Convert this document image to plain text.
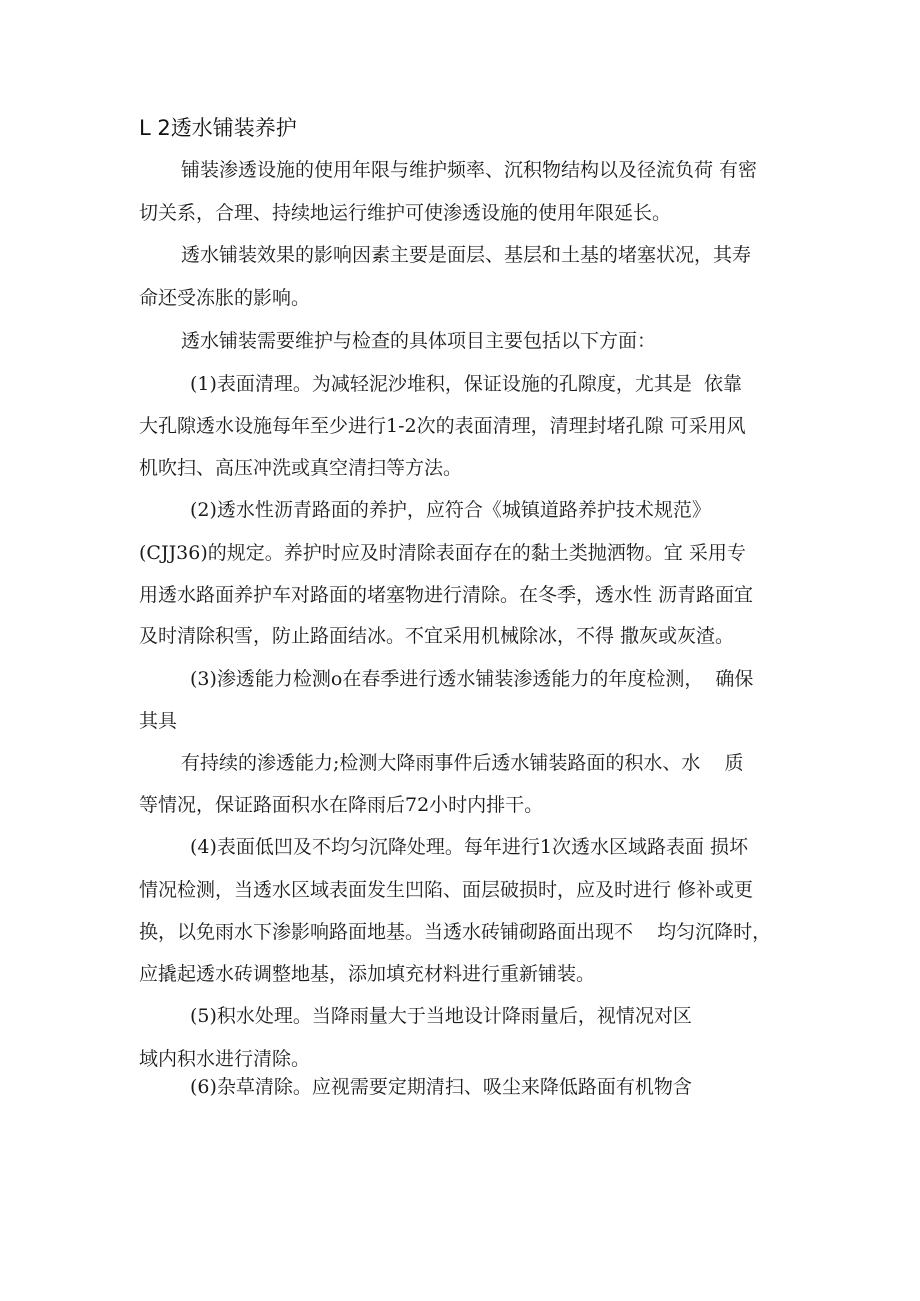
L 2透水铺装养护
铺装渗透设施的使用年限与维护频率、沉积物结构以及径流负荷 有密
切关系，合理、持续地运行维护可使渗透设施的使用年限延长。
透水铺装效果的影响因素主要是面层、基层和土基的堵塞状况，其寿
命还受冻胀的影响。
透水铺装需要维护与检查的具体项目主要包括以下方面：
(1)表面清理。为减轻泥沙堆积，保证设施的孔隙度，尤其是  依靠
大孔隙透水设施每年至少进行1-2次的表面清理，清理封堵孔隙 可采用风
机吹扫、高压冲洗或真空清扫等方法。
(2)透水性沥青路面的养护，应符合《城镇道路养护技术规范》
(CJJ36)的规定。养护时应及时清除表面存在的黏土类抛洒物。宜 采用专
用透水路面养护车对路面的堵塞物进行清除。在冬季，透水性 沥青路面宜
及时清除积雪，防止路面结冰。不宜采用机械除冰，不得 撒灰或灰渣。
(3)渗透能力检测o在春季进行透水铺装渗透能力的年度检测，  确保
其具
有持续的渗透能力;检测大降雨事件后透水铺装路面的积水、水    质
等情况，保证路面积水在降雨后72小时内排干。
(4)表面低凹及不均匀沉降处理。每年进行1次透水区域路表面 损坏
情况检测，当透水区域表面发生凹陷、面层破损时，应及时进行 修补或更
换，以免雨水下渗影响路面地基。当透水砖铺砌路面出现不    均匀沉降时，
应撬起透水砖调整地基，添加填充材料进行重新铺装。
(5)积水处理。当降雨量大于当地设计降雨量后，视情况对区
域内积水进行清除。
(6)杂草清除。应视需要定期清扫、吸尘来降低路面有机物含
